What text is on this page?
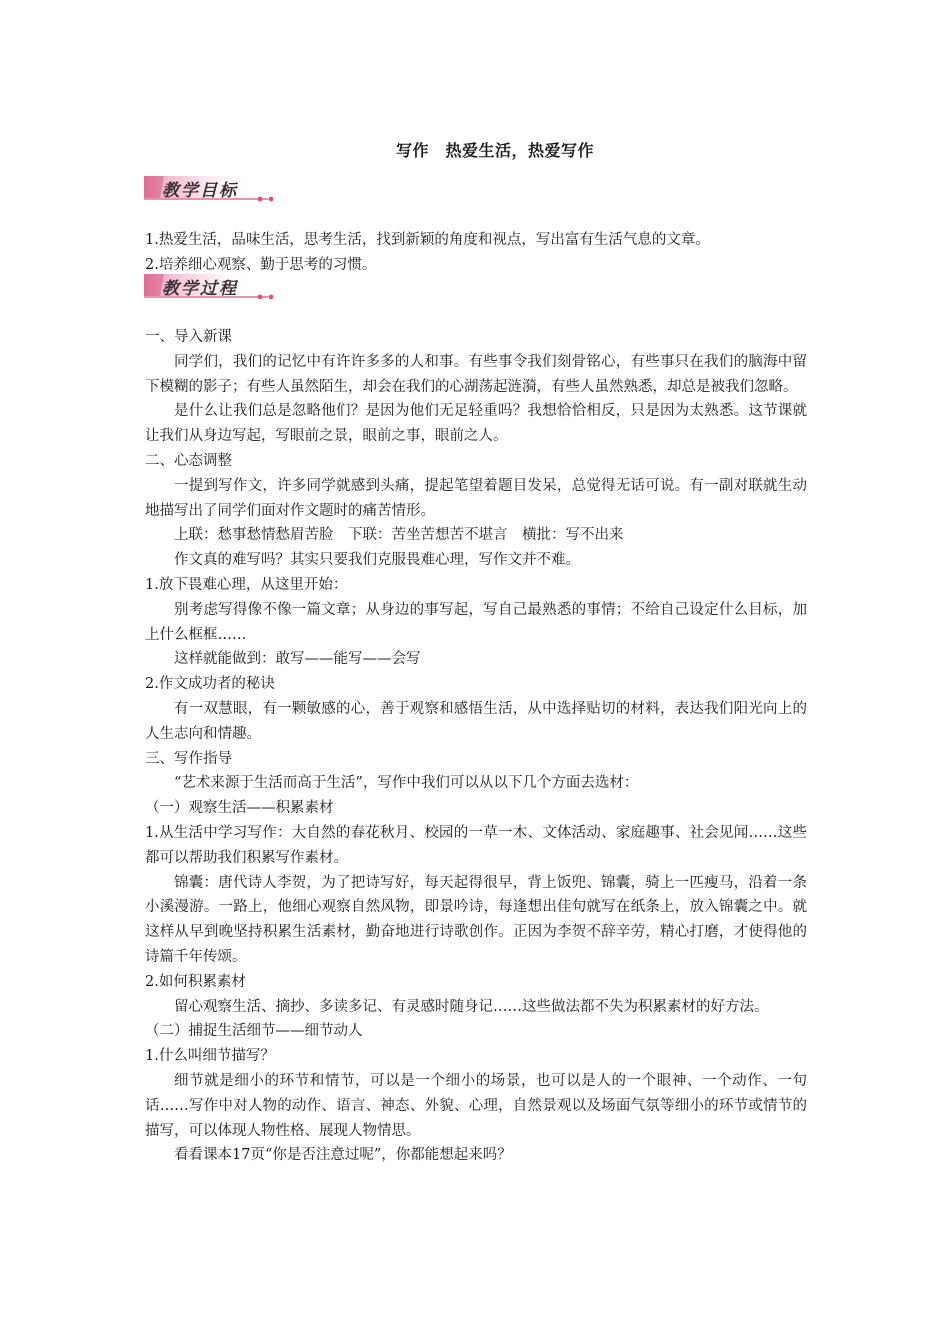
写作　热爱生活，热爱写作
教学目标

1.热爱生活，品味生活，思考生活，找到新颖的角度和视点，写出富有生活气息的文章。

2.培养细心观察、勤于思考的习惯。

教学过程

一、导入新课

同学们，我们的记忆中有许许多多的人和事。有些事令我们刻骨铭心，有些事只在我们的脑海中留下模糊的影子；有些人虽然陌生，却会在我们的心湖荡起涟漪，有些人虽然熟悉，却总是被我们忽略。

是什么让我们总是忽略他们？是因为他们无足轻重吗？我想恰恰相反，只是因为太熟悉。这节课就让我们从身边写起，写眼前之景，眼前之事，眼前之人。

二、心态调整

一提到写作文，许多同学就感到头痛，提起笔望着题目发呆，总觉得无话可说。有一副对联就生动地描写出了同学们面对作文题时的痛苦情形。

上联：愁事愁情愁眉苦脸　下联：苦坐苦想苦不堪言　横批：写不出来

作文真的难写吗？其实只要我们克服畏难心理，写作文并不难。

1.放下畏难心理，从这里开始：

别考虑写得像不像一篇文章；从身边的事写起，写自己最熟悉的事情；不给自己设定什么目标，加上什么框框……

这样就能做到：敢写——能写——会写

2.作文成功者的秘诀

有一双慧眼，有一颗敏感的心，善于观察和感悟生活，从中选择贴切的材料，表达我们阳光向上的人生志向和情趣。

三、写作指导

“艺术来源于生活而高于生活”，写作中我们可以从以下几个方面去选材：

（一）观察生活——积累素材

1.从生活中学习写作：大自然的春花秋月、校园的一草一木、文体活动、家庭趣事、社会见闻……这些都可以帮助我们积累写作素材。

锦囊：唐代诗人李贺，为了把诗写好，每天起得很早，背上饭兜、锦囊，骑上一匹瘦马，沿着一条小溪漫游。一路上，他细心观察自然风物，即景吟诗，每逢想出佳句就写在纸条上，放入锦囊之中。就这样从早到晚坚持积累生活素材，勤奋地进行诗歌创作。正因为李贺不辞辛劳，精心打磨，才使得他的诗篇千年传颂。

2.如何积累素材

留心观察生活、摘抄、多读多记、有灵感时随身记……这些做法都不失为积累素材的好方法。

（二）捕捉生活细节——细节动人

1.什么叫细节描写？

细节就是细小的环节和情节，可以是一个细小的场景，也可以是人的一个眼神、一个动作、一句话……写作中对人物的动作、语言、神态、外貌、心理，自然景观以及场面气氛等细小的环节或情节的描写，可以体现人物性格、展现人物情思。

看看课本17页“你是否注意过呢”，你都能想起来吗？
